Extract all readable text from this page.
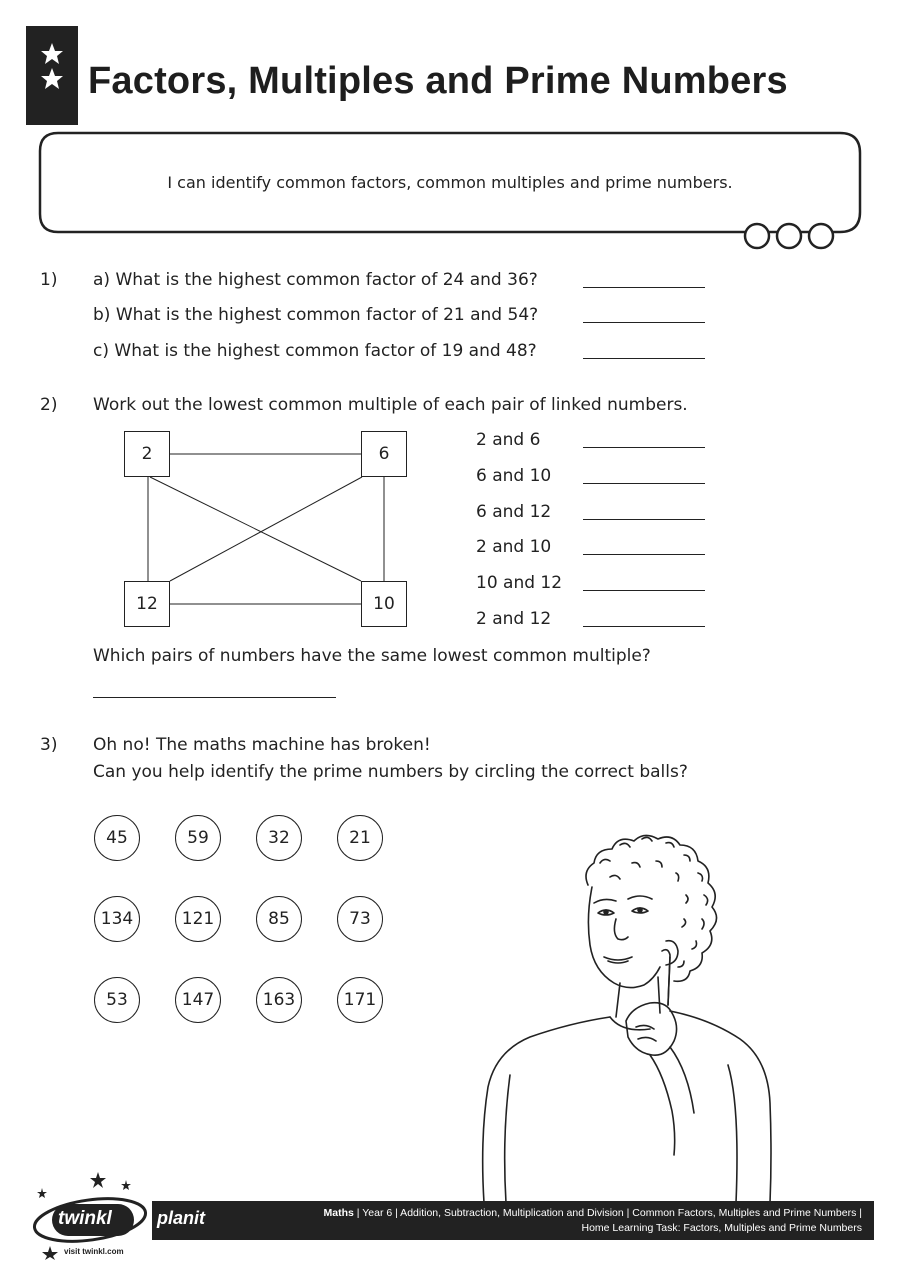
Factors, Multiples and Prime Numbers
I can identify common factors, common multiples and prime numbers.
1) a) What is the highest common factor of 24 and 36?
b) What is the highest common factor of 21 and 54?
c) What is the highest common factor of 19 and 48?
2) Work out the lowest common multiple of each pair of linked numbers.
2	6
12	10
2 and 6
6 and 10
6 and 12
2 and 10
10 and 12
2 and 12
Which pairs of numbers have the same lowest common multiple?
3) Oh no! The maths machine has broken!
Can you help identify the prime numbers by circling the correct balls?
45	59	32	21
134	121	85	73
53	147	163	171
twinkl	planit	Maths | Year 6 | Addition, Subtraction, Multiplication and Division | Common Factors, Multiples and Prime Numbers |
Home Learning Task: Factors, Multiples and Prime Numbers
visit twinkl.com
